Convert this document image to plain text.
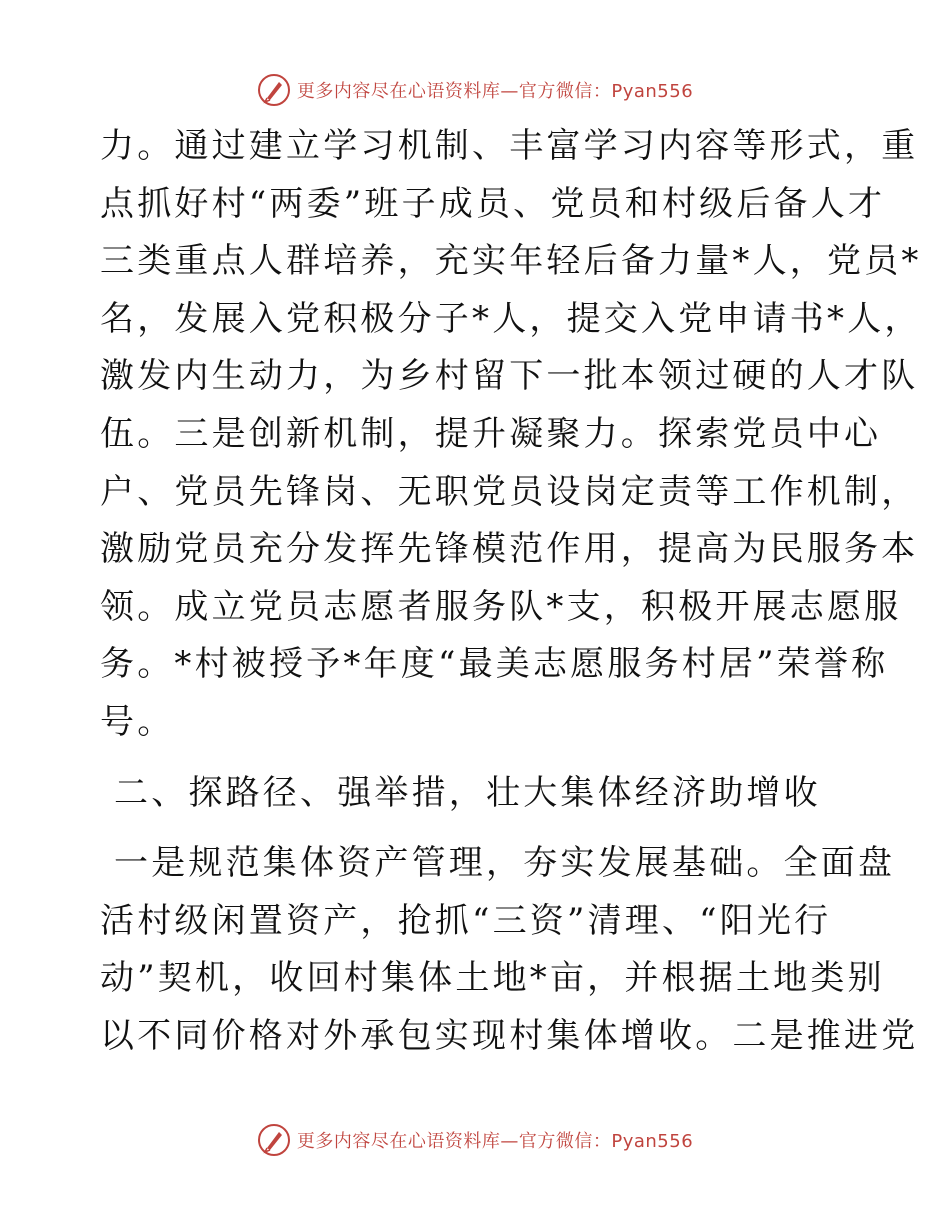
更多内容尽在心语资料库—官方微信：Pyan556

力。通过建立学习机制、丰富学习内容等形式，重
点抓好村“两委”班子成员、党员和村级后备人才
三类重点人群培养，充实年轻后备力量*人，党员*
名，发展入党积极分子*人，提交入党申请书*人，
激发内生动力，为乡村留下一批本领过硬的人才队
伍。三是创新机制，提升凝聚力。探索党员中心
户、党员先锋岗、无职党员设岗定责等工作机制，
激励党员充分发挥先锋模范作用，提高为民服务本
领。成立党员志愿者服务队*支，积极开展志愿服
务。*村被授予*年度“最美志愿服务村居”荣誉称
号。

二、探路径、强举措，壮大集体经济助增收

一是规范集体资产管理，夯实发展基础。全面盘
活村级闲置资产，抢抓“三资”清理、“阳光行
动”契机，收回村集体土地*亩，并根据土地类别
以不同价格对外承包实现村集体增收。二是推进党

更多内容尽在心语资料库—官方微信：Pyan556
